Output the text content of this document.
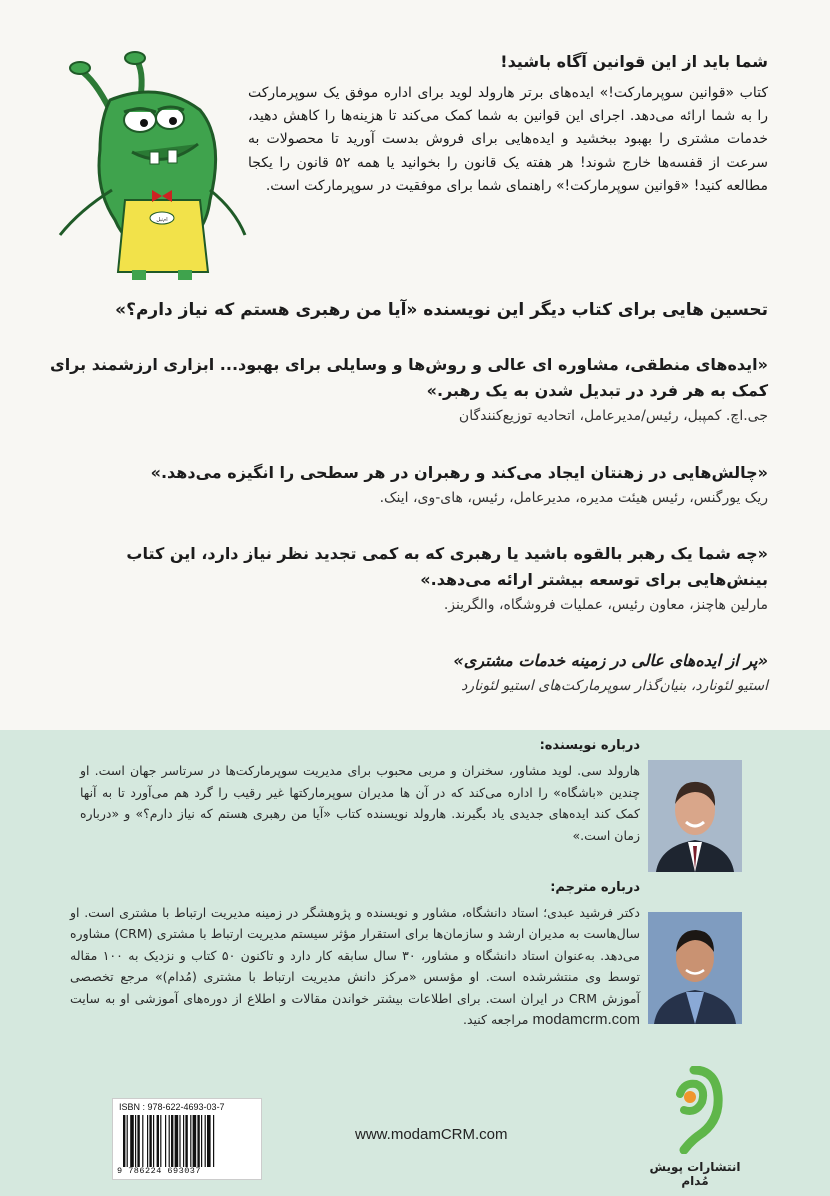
ام‌تیل
شما باید از این قوانین آگاه باشید!
کتاب «قوانین سوپرمارکت!» ایده‌های برتر هارولد لوید برای اداره موفق یک سوپرمارکت را به شما ارائه می‌دهد. اجرای این قوانین به شما کمک می‌کند تا هزینه‌ها را کاهش دهید، خدمات مشتری را بهبود ببخشید و ایده‌هایی برای فروش بدست آورید تا محصولات به سرعت از قفسه‌ها خارج شوند! هر هفته یک قانون را بخوانید یا همه ۵۲ قانون را یکجا مطالعه کنید! «قوانین سوپرمارکت!» راهنمای شما برای موفقیت در سوپرمارکت است.
تحسین هایی برای کتاب دیگر این نویسنده «آیا من رهبری هستم که نیاز دارم؟»
«ایده‌های منطقی، مشاوره ای عالی و روش‌ها و وسایلی برای بهبود... ابزاری ارزشمند برای کمک به هر فرد در تبدیل شدن به یک رهبر.»
جی.اچ. کمپبل، رئیس/مدیرعامل، اتحادیه توزیع‌کنندگان
«چالش‌هایی در زهنتان ایجاد می‌کند و رهبران در هر سطحی را انگیزه می‌دهد.»
ریک یورگنس، رئیس هیئت مدیره، مدیرعامل، رئیس، های-وی، اینک.
«چه شما یک رهبر بالقوه باشید یا رهبری که به کمی تجدید نظر نیاز دارد، این کتاب بینش‌هایی برای توسعه بیشتر ارائه می‌دهد.»
مارلین هاچنز، معاون رئیس، عملیات فروشگاه، والگرینز.
«پر از ایده‌های عالی در زمینه خدمات مشتری»
استیو لئونارد، بنیان‌گذار سوپرمارکت‌های استیو لئونارد
درباره نویسنده:
هارولد سی. لوید مشاور، سخنران و مربی محبوب برای مدیریت سوپرمارکت‌ها در سرتاسر جهان است. او چندین «باشگاه» را اداره می‌کند که در آن ها مدیران سوپرمارکتها غیر رقیب را گرد هم می‌آورد تا به آنها کمک کند ایده‌های جدیدی یاد بگیرند. هارولد نویسنده کتاب «آیا من رهبری هستم که نیاز دارم؟» و «درباره زمان است.»
درباره مترجم:
دکتر فرشید عبدی؛ استاد دانشگاه، مشاور و نویسنده و پژوهشگر در زمینه مدیریت ارتباط با مشتری است. او سال‌هاست به مدیران ارشد و سازمان‌ها برای استقرار مؤثر سیستم مدیریت ارتباط با مشتری (CRM) مشاوره می‌دهد. به‌عنوان استاد دانشگاه و مشاور، ۳۰ سال سابقه کار دارد و تاکنون ۵۰ کتاب و نزدیک به ۱۰۰ مقاله توسط وی منتشرشده است. او مؤسس «مرکز دانش مدیریت ارتباط با مشتری (مُدام)» مرجع تخصصی آموزش CRM در ایران است. برای اطلاعات بیشتر خواندن مقالات و اطلاع از دوره‌های آموزشی او به سایت modamcrm.com مراجعه کنید.
ISBN : 978-622-4693-03-7
9 786224 693037
www.modamCRM.com
انتشارات پویش مُدام
